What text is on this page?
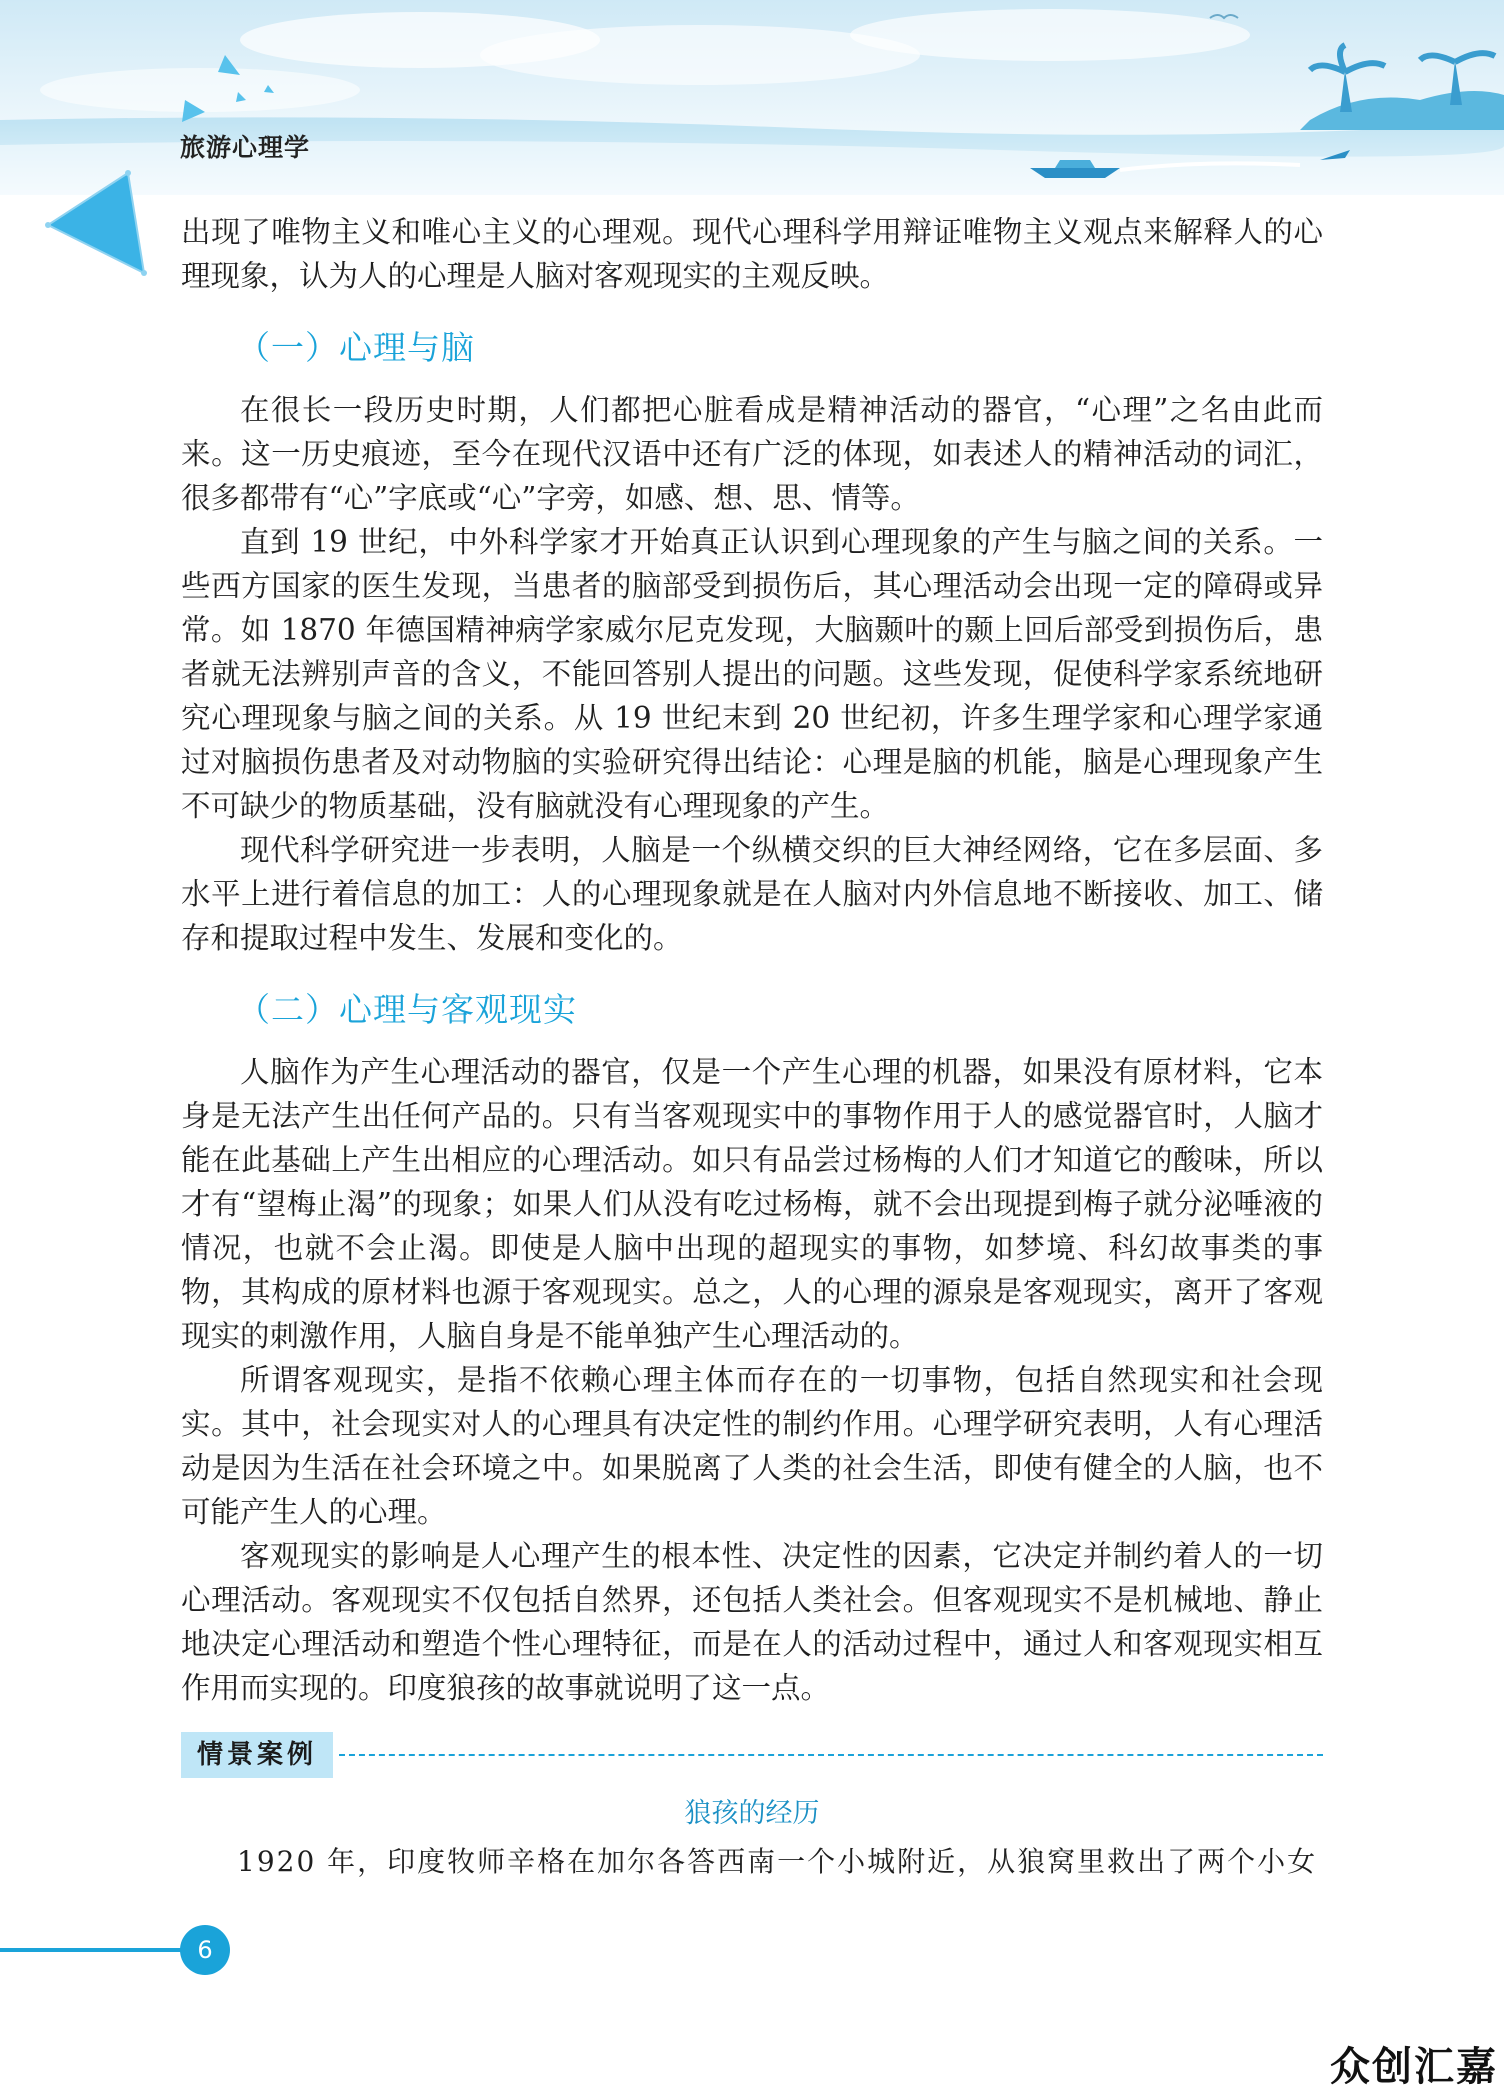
旅游心理学

出现了唯物主义和唯心主义的心理观。现代心理科学用辩证唯物主义观点来解释人的心理现象，认为人的心理是人脑对客观现实的主观反映。

（一）心理与脑

在很长一段历史时期，人们都把心脏看成是精神活动的器官，“心理”之名由此而来。这一历史痕迹，至今在现代汉语中还有广泛的体现，如表述人的精神活动的词汇，很多都带有“心”字底或“心”字旁，如感、想、思、情等。

直到 19 世纪，中外科学家才开始真正认识到心理现象的产生与脑之间的关系。一些西方国家的医生发现，当患者的脑部受到损伤后，其心理活动会出现一定的障碍或异常。如 1870 年德国精神病学家威尔尼克发现，大脑颞叶的颞上回后部受到损伤后，患者就无法辨别声音的含义，不能回答别人提出的问题。这些发现，促使科学家系统地研究心理现象与脑之间的关系。从 19 世纪末到 20 世纪初，许多生理学家和心理学家通过对脑损伤患者及对动物脑的实验研究得出结论：心理是脑的机能，脑是心理现象产生不可缺少的物质基础，没有脑就没有心理现象的产生。

现代科学研究进一步表明，人脑是一个纵横交织的巨大神经网络，它在多层面、多水平上进行着信息的加工：人的心理现象就是在人脑对内外信息地不断接收、加工、储存和提取过程中发生、发展和变化的。

（二）心理与客观现实

人脑作为产生心理活动的器官，仅是一个产生心理的机器，如果没有原材料，它本身是无法产生出任何产品的。只有当客观现实中的事物作用于人的感觉器官时，人脑才能在此基础上产生出相应的心理活动。如只有品尝过杨梅的人们才知道它的酸味，所以才有“望梅止渴”的现象；如果人们从没有吃过杨梅，就不会出现提到梅子就分泌唾液的情况，也就不会止渴。即使是人脑中出现的超现实的事物，如梦境、科幻故事类的事物，其构成的原材料也源于客观现实。总之，人的心理的源泉是客观现实，离开了客观现实的刺激作用，人脑自身是不能单独产生心理活动的。

所谓客观现实，是指不依赖心理主体而存在的一切事物，包括自然现实和社会现实。其中，社会现实对人的心理具有决定性的制约作用。心理学研究表明，人有心理活动是因为生活在社会环境之中。如果脱离了人类的社会生活，即使有健全的人脑，也不可能产生人的心理。

客观现实的影响是人心理产生的根本性、决定性的因素，它决定并制约着人的一切心理活动。客观现实不仅包括自然界，还包括人类社会。但客观现实不是机械地、静止地决定心理活动和塑造个性心理特征，而是在人的活动过程中，通过人和客观现实相互作用而实现的。印度狼孩的故事就说明了这一点。

情景案例
狼孩的经历

1920 年，印度牧师辛格在加尔各答西南一个小城附近，从狼窝里救出了两个小女

6
众创汇嘉
